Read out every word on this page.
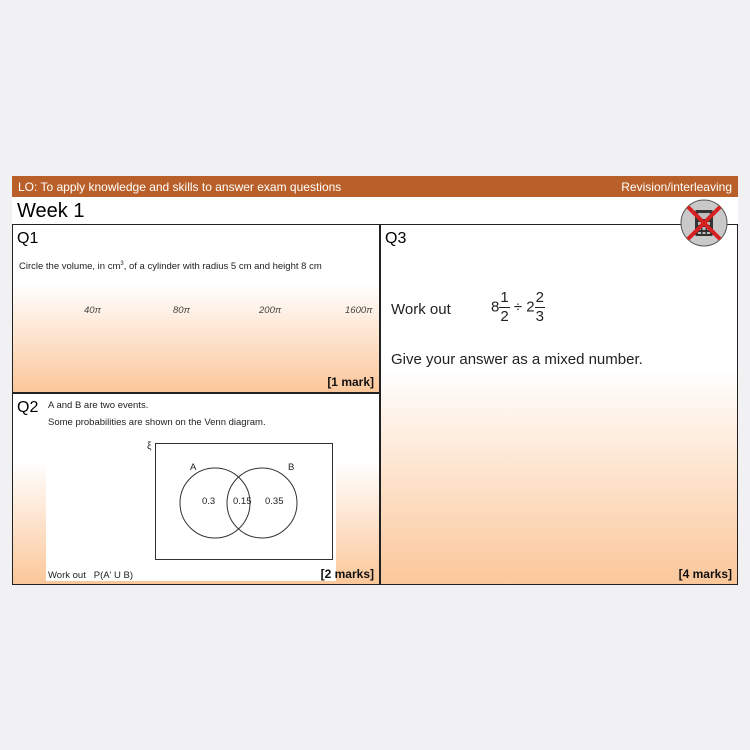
LO: To apply knowledge and skills to answer exam questions	Revision/interleaving
Week 1
Q1
Circle the volume, in $cm^3$, of a cylinder with radius 5 cm and height 8 cm
40π	80π	200π	1600π
[1 mark]
A and B are two events.
Some probabilities are shown on the Venn diagram.
ξ
A	B
0.3 0.15 0.35
Work out P(A' U B)
Q2
[2 marks]
Q3
Work out	$8 \frac{1}{2} \div 2 \frac{2}{3}$
Give your answer as a mixed number.
[4 marks]
